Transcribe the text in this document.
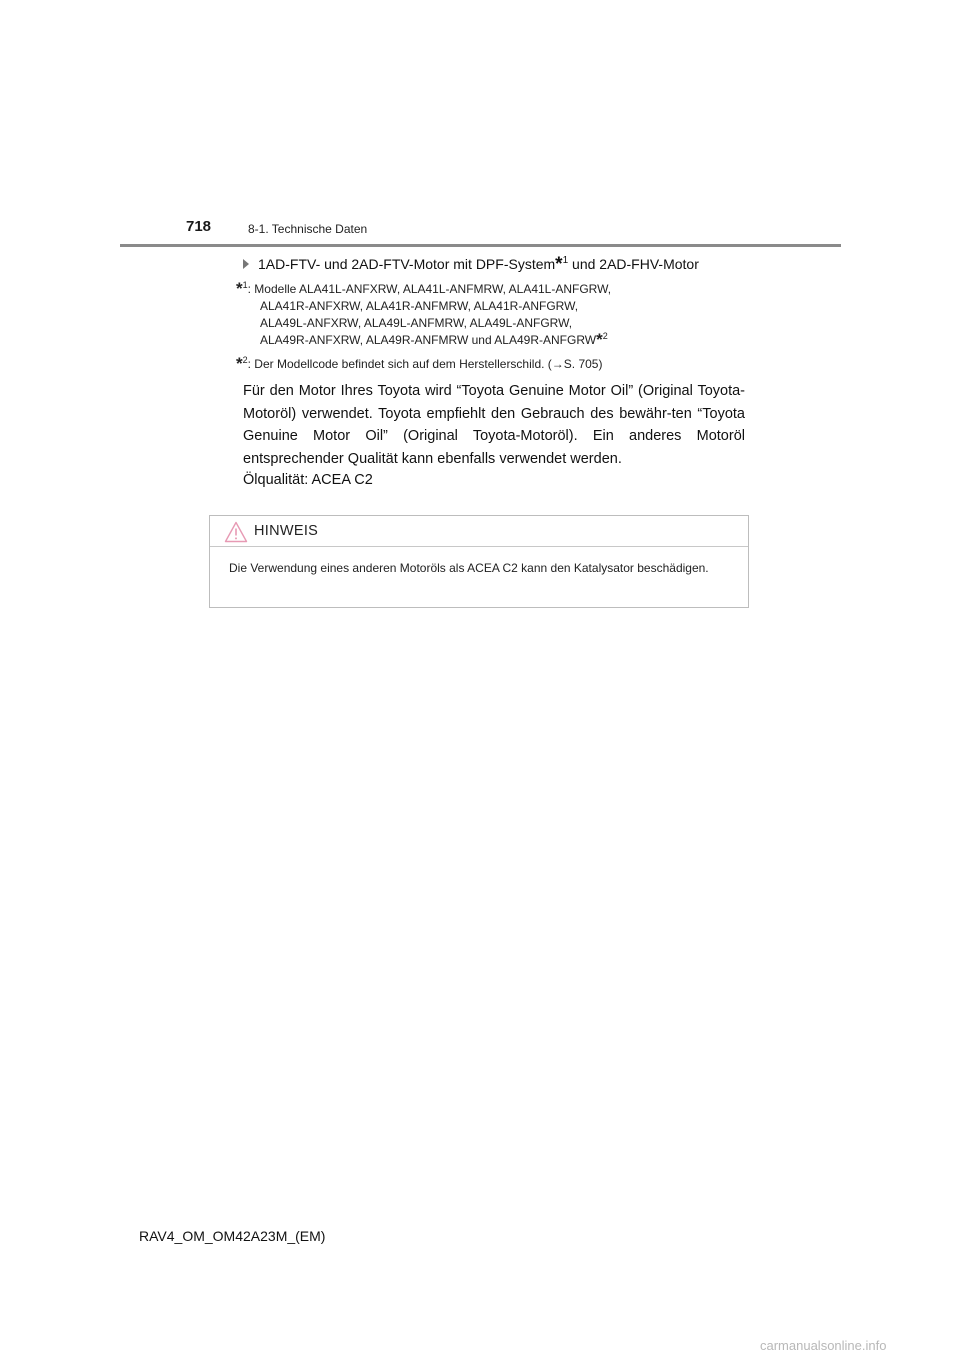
718	8-1. Technische Daten
1AD-FTV- und 2AD-FTV-Motor mit DPF-System*$^1$ und 2AD-FHV-Motor
*$^1$: Modelle ALA41L-ANFXRW, ALA41L-ANFMRW, ALA41L-ANFGRW,
ALA41R-ANFXRW, ALA41R-ANFMRW, ALA41R-ANFGRW,
ALA49L-ANFXRW, ALA49L-ANFMRW, ALA49L-ANFGRW,
ALA49R-ANFXRW, ALA49R-ANFMRW und ALA49R-ANFGRW*$^2$
*$^2$: Der Modellcode befindet sich auf dem Herstellerschild. (→S. 705)
Für den Motor Ihres Toyota wird “Toyota Genuine Motor Oil” (Original Toyota-Motoröl) verwendet. Toyota empfiehlt den Gebrauch des bewähr-ten “Toyota Genuine Motor Oil” (Original Toyota-Motoröl). Ein anderes Motoröl entsprechender Qualität kann ebenfalls verwendet werden.
Ölqualität: ACEA C2
HINWEIS
Die Verwendung eines anderen Motoröls als ACEA C2 kann den Katalysator beschädigen.
RAV4_OM_OM42A23M_(EM)
carmanualsonline.info
